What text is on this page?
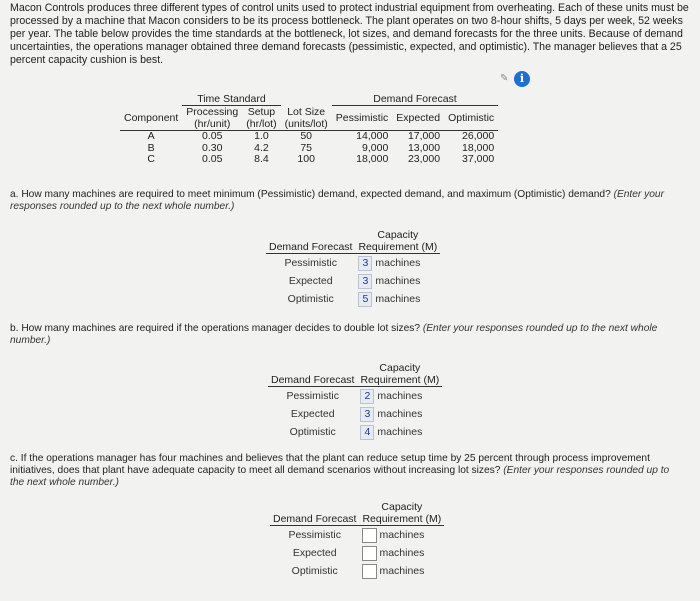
Macon Controls produces three different types of control units used to protect industrial equipment from overheating. Each of these units must be processed by a machine that Macon considers to be its process bottleneck. The plant operates on two 8-hour shifts, 5 days per week, 52 weeks per year. The table below provides the time standards at the bottleneck, lot sizes, and demand forecasts for the three units. Because of demand uncertainties, the operations manager obtained three demand forecasts (pessimistic, expected, and optimistic). The manager believes that a 25 percent capacity cushion is best.
✎	i
	Time Standard			Demand Forecast		
Component	Processing	Setup	Lot Size	Pessimistic	Expected	Optimistic
	(hr/unit)	(hr/lot)	(units/lot)			
A	0.05	1.0	50	14,000	17,000	26,000
B	0.30	4.2	75	9,000	13,000	18,000
C	0.05	8.4	100	18,000	23,000	37,000
a. How many machines are required to meet minimum (Pessimistic) demand, expected demand, and maximum (Optimistic) demand? (Enter your responses rounded up to the next whole number.)
Demand Forecast	Capacity
Requirement (M)

Pessimistic	3 machines
Expected	3 machines
Optimistic	5 machines
b. How many machines are required if the operations manager decides to double lot sizes? (Enter your responses rounded up to the next whole number.)
Demand Forecast	Capacity
Requirement (M)

Pessimistic	2 machines
Expected	3 machines
Optimistic	4 machines
c. If the operations manager has four machines and believes that the plant can reduce setup time by 25 percent through process improvement initiatives, does that plant have adequate capacity to meet all demand scenarios without increasing lot sizes? (Enter your responses rounded up to the next whole number.)
Demand Forecast	Capacity
Requirement (M)

Pessimistic	machines
Expected	machines
Optimistic	machines
